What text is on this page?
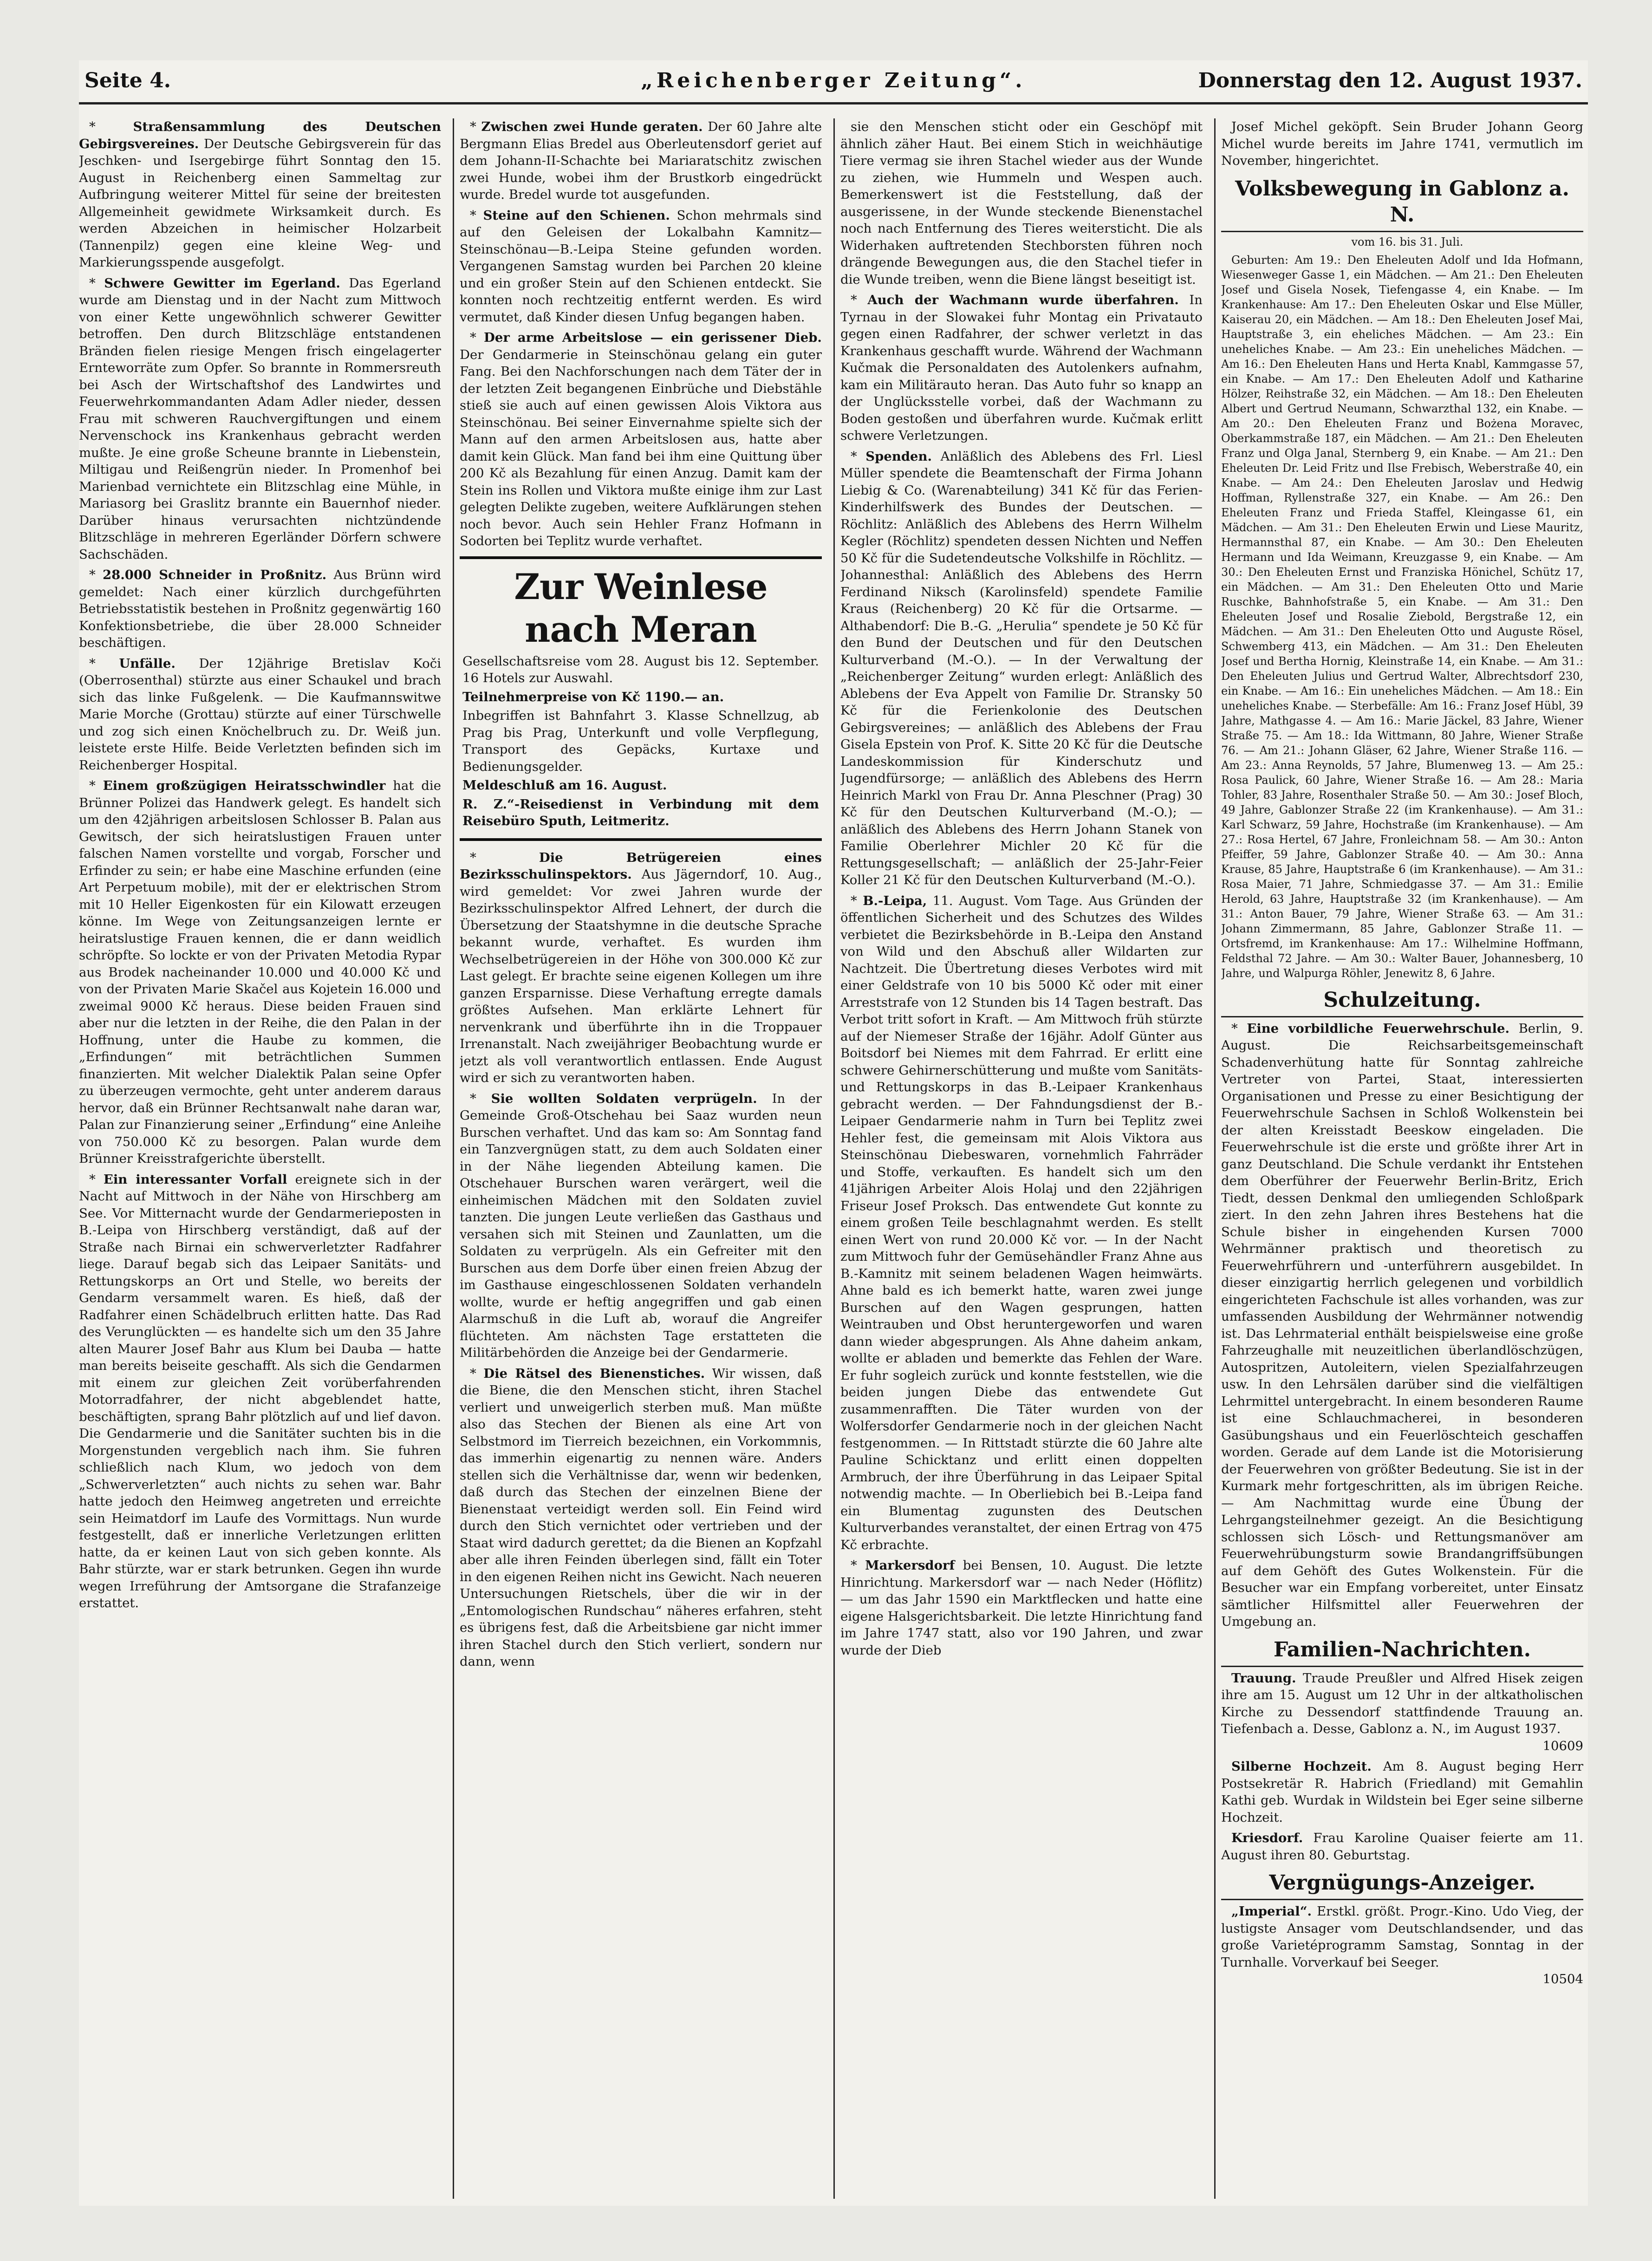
„Reichenberger Zeitung“.
Seite 4.	Donnerstag den 12. August 1937.

* Straßensammlung des Deutschen Gebirgsvereines. Der Deutsche Gebirgsverein für das Jeschken- und Isergebirge führt Sonntag den 15. August in Reichenberg einen Sammeltag zur Aufbringung weiterer Mittel für seine der breitesten Allgemeinheit gewidmete Wirksamkeit durch. Es werden Abzeichen in heimischer Holzarbeit (Tannenpilz) gegen eine kleine Weg- und Markierungsspende ausgefolgt.

* Schwere Gewitter im Egerland. Das Egerland wurde am Dienstag und in der Nacht zum Mittwoch von einer Kette ungewöhnlich schwerer Gewitter betroffen. Den durch Blitzschläge entstandenen Bränden fielen riesige Mengen frisch eingelagerter Ernteworräte zum Opfer. So brannte in Rommersreuth bei Asch der Wirtschaftshof des Landwirtes und Feuerwehrkommandanten Adam Adler nieder, dessen Frau mit schweren Rauchvergiftungen und einem Nervenschock ins Krankenhaus gebracht werden mußte. Je eine große Scheune brannte in Liebenstein, Miltigau und Reißengrün nieder. In Promenhof bei Marienbad vernichtete ein Blitzschlag eine Mühle, in Mariasorg bei Graslitz brannte ein Bauernhof nieder. Darüber hinaus verursachten nichtzündende Blitzschläge in mehreren Egerländer Dörfern schwere Sachschäden.

* 28.000 Schneider in Proßnitz. Aus Brünn wird gemeldet: Nach einer kürzlich durchgeführten Betriebsstatistik bestehen in Proßnitz gegenwärtig 160 Konfektionsbetriebe, die über 28.000 Schneider beschäftigen.

* Unfälle. Der 12jährige Bretislav Koči (Oberrosenthal) stürzte aus einer Schaukel und brach sich das linke Fußgelenk. — Die Kaufmannswitwe Marie Morche (Grottau) stürzte auf einer Türschwelle und zog sich einen Knöchelbruch zu. Dr. Weiß jun. leistete erste Hilfe. Beide Verletzten befinden sich im Reichenberger Hospital.

* Einem großzügigen Heiratsschwindler hat die Brünner Polizei das Handwerk gelegt. Es handelt sich um den 42jährigen arbeitslosen Schlosser B. Palan aus Gewitsch, der sich heiratslustigen Frauen unter falschen Namen vorstellte und vorgab, Forscher und Erfinder zu sein; er habe eine Maschine erfunden (eine Art Perpetuum mobile), mit der er elektrischen Strom mit 10 Heller Eigenkosten für ein Kilowatt erzeugen könne. Im Wege von Zeitungsanzeigen lernte er heiratslustige Frauen kennen, die er dann weidlich schröpfte. So lockte er von der Privaten Metodia Rypar aus Brodek nacheinander 10.000 und 40.000 Kč und von der Privaten Marie Skačel aus Kojetein 16.000 und zweimal 9000 Kč heraus. Diese beiden Frauen sind aber nur die letzten in der Reihe, die den Palan in der Hoffnung, unter die Haube zu kommen, die „Erfindungen“ mit beträchtlichen Summen finanzierten. Mit welcher Dialektik Palan seine Opfer zu überzeugen vermochte, geht unter anderem daraus hervor, daß ein Brünner Rechtsanwalt nahe daran war, Palan zur Finanzierung seiner „Erfindung“ eine Anleihe von 750.000 Kč zu besorgen. Palan wurde dem Brünner Kreisstrafgerichte überstellt.

* Ein interessanter Vorfall ereignete sich in der Nacht auf Mittwoch in der Nähe von Hirschberg am See. Vor Mitternacht wurde der Gendarmerieposten in B.-Leipa von Hirschberg verständigt, daß auf der Straße nach Birnai ein schwerverletzter Radfahrer liege. Darauf begab sich das Leipaer Sanitäts- und Rettungskorps an Ort und Stelle, wo bereits der Gendarm versammelt waren. Es hieß, daß der Radfahrer einen Schädelbruch erlitten hatte. Das Rad des Verunglückten — es handelte sich um den 35 Jahre alten Maurer Josef Bahr aus Klum bei Dauba — hatte man bereits beiseite geschafft. Als sich die Gendarmen mit einem zur gleichen Zeit vorüberfahrenden Motorradfahrer, der nicht abgeblendet hatte, beschäftigten, sprang Bahr plötzlich auf und lief davon. Die Gendarmerie und die Sanitäter suchten bis in die Morgenstunden vergeblich nach ihm. Sie fuhren schließlich nach Klum, wo jedoch von dem „Schwerverletzten“ auch nichts zu sehen war. Bahr hatte jedoch den Heimweg angetreten und erreichte sein Heimatdorf im Laufe des Vormittags. Nun wurde festgestellt, daß er innerliche Verletzungen erlitten hatte, da er keinen Laut von sich geben konnte. Als Bahr stürzte, war er stark betrunken. Gegen ihn wurde wegen Irreführung der Amtsorgane die Strafanzeige erstattet.

* Zwischen zwei Hunde geraten. Der 60 Jahre alte Bergmann Elias Bredel aus Oberleutensdorf geriet auf dem Johann-II-Schachte bei Mariaratschitz zwischen zwei Hunde, wobei ihm der Brustkorb eingedrückt wurde. Bredel wurde tot ausgefunden.

* Steine auf den Schienen. Schon mehrmals sind auf den Geleisen der Lokalbahn Kamnitz—Steinschönau—B.-Leipa Steine gefunden worden. Vergangenen Samstag wurden bei Parchen 20 kleine und ein großer Stein auf den Schienen entdeckt. Sie konnten noch rechtzeitig entfernt werden. Es wird vermutet, daß Kinder diesen Unfug begangen haben.

* Der arme Arbeitslose — ein gerissener Dieb. Der Gendarmerie in Steinschönau gelang ein guter Fang. Bei den Nachforschungen nach dem Täter der in der letzten Zeit begangenen Einbrüche und Diebstähle stieß sie auch auf einen gewissen Alois Viktora aus Steinschönau. Bei seiner Einvernahme spielte sich der Mann auf den armen Arbeitslosen aus, hatte aber damit kein Glück. Man fand bei ihm eine Quittung über 200 Kč als Bezahlung für einen Anzug. Damit kam der Stein ins Rollen und Viktora mußte einige ihm zur Last gelegten Delikte zugeben, weitere Aufklärungen stehen noch bevor. Auch sein Hehler Franz Hofmann in Sodorten bei Teplitz wurde verhaftet.

Zur Weinlese nach Meran

Gesellschaftsreise vom 28. August bis 12. September. 16 Hotels zur Auswahl.

Teilnehmerpreise von Kč 1190.— an.

Inbegriffen ist Bahnfahrt 3. Klasse Schnellzug, ab Prag bis Prag, Unterkunft und volle Verpflegung, Transport des Gepäcks, Kurtaxe und Bedienungsgelder.

Meldeschluß am 16. August.

R. Z.“-Reisedienst in Verbindung mit dem Reisebüro Sputh, Leitmeritz.

* Die Betrügereien eines Bezirksschulinspektors. Aus Jägerndorf, 10. Aug., wird gemeldet: Vor zwei Jahren wurde der Bezirksschulinspektor Alfred Lehnert, der durch die Übersetzung der Staatshymne in die deutsche Sprache bekannt wurde, verhaftet. Es wurden ihm Wechselbetrügereien in der Höhe von 300.000 Kč zur Last gelegt. Er brachte seine eigenen Kollegen um ihre ganzen Ersparnisse. Diese Verhaftung erregte damals größtes Aufsehen. Man erklärte Lehnert für nervenkrank und überführte ihn in die Troppauer Irrenanstalt. Nach zweijähriger Beobachtung wurde er jetzt als voll verantwortlich entlassen. Ende August wird er sich zu verantworten haben.

* Sie wollten Soldaten verprügeln. In der Gemeinde Groß-Otschehau bei Saaz wurden neun Burschen verhaftet. Und das kam so: Am Sonntag fand ein Tanzvergnügen statt, zu dem auch Soldaten einer in der Nähe liegenden Abteilung kamen. Die Otschehauer Burschen waren verärgert, weil die einheimischen Mädchen mit den Soldaten zuviel tanzten. Die jungen Leute verließen das Gasthaus und versahen sich mit Steinen und Zaunlatten, um die Soldaten zu verprügeln. Als ein Gefreiter mit den Burschen aus dem Dorfe über einen freien Abzug der im Gasthause eingeschlossenen Soldaten verhandeln wollte, wurde er heftig angegriffen und gab einen Alarmschuß in die Luft ab, worauf die Angreifer flüchteten. Am nächsten Tage erstatteten die Militärbehörden die Anzeige bei der Gendarmerie.

* Die Rätsel des Bienenstiches. Wir wissen, daß die Biene, die den Menschen sticht, ihren Stachel verliert und unweigerlich sterben muß. Man müßte also das Stechen der Bienen als eine Art von Selbstmord im Tierreich bezeichnen, ein Vorkommnis, das immerhin eigenartig zu nennen wäre. Anders stellen sich die Verhältnisse dar, wenn wir bedenken, daß durch das Stechen der einzelnen Biene der Bienenstaat verteidigt werden soll. Ein Feind wird durch den Stich vernichtet oder vertrieben und der Staat wird dadurch gerettet; da die Bienen an Kopfzahl aber alle ihren Feinden überlegen sind, fällt ein Toter in den eigenen Reihen nicht ins Gewicht. Nach neueren Untersuchungen Rietschels, über die wir in der „Entomologischen Rundschau“ näheres erfahren, steht es übrigens fest, daß die Arbeitsbiene gar nicht immer ihren Stachel durch den Stich verliert, sondern nur dann, wenn

sie den Menschen sticht oder ein Geschöpf mit ähnlich zäher Haut. Bei einem Stich in weichhäutige Tiere vermag sie ihren Stachel wieder aus der Wunde zu ziehen, wie Hummeln und Wespen auch. Bemerkenswert ist die Feststellung, daß der ausgerissene, in der Wunde steckende Bienenstachel noch nach Entfernung des Tieres weitersticht. Die als Widerhaken auftretenden Stechborsten führen noch drängende Bewegungen aus, die den Stachel tiefer in die Wunde treiben, wenn die Biene längst beseitigt ist.

* Auch der Wachmann wurde überfahren. In Tyrnau in der Slowakei fuhr Montag ein Privatauto gegen einen Radfahrer, der schwer verletzt in das Krankenhaus geschafft wurde. Während der Wachmann Kučmak die Personaldaten des Autolenkers aufnahm, kam ein Militärauto heran. Das Auto fuhr so knapp an der Unglücksstelle vorbei, daß der Wachmann zu Boden gestoßen und überfahren wurde. Kučmak erlitt schwere Verletzungen.

* Spenden. Anläßlich des Ablebens des Frl. Liesl Müller spendete die Beamtenschaft der Firma Johann Liebig & Co. (Warenabteilung) 341 Kč für das Ferien-Kinderhilfswerk des Bundes der Deutschen. — Röchlitz: Anläßlich des Ablebens des Herrn Wilhelm Kegler (Röchlitz) spendeten dessen Nichten und Neffen 50 Kč für die Sudetendeutsche Volkshilfe in Röchlitz. — Johannesthal: Anläßlich des Ablebens des Herrn Ferdinand Niksch (Karolinsfeld) spendete Familie Kraus (Reichenberg) 20 Kč für die Ortsarme. — Althabendorf: Die B.-G. „Herulia“ spendete je 50 Kč für den Bund der Deutschen und für den Deutschen Kulturverband (M.-O.). — In der Verwaltung der „Reichenberger Zeitung“ wurden erlegt: Anläßlich des Ablebens der Eva Appelt von Familie Dr. Stransky 50 Kč für die Ferienkolonie des Deutschen Gebirgsvereines; — anläßlich des Ablebens der Frau Gisela Epstein von Prof. K. Sitte 20 Kč für die Deutsche Landeskommission für Kinderschutz und Jugendfürsorge; — anläßlich des Ablebens des Herrn Heinrich Markl von Frau Dr. Anna Pleschner (Prag) 30 Kč für den Deutschen Kulturverband (M.-O.); — anläßlich des Ablebens des Herrn Johann Stanek von Familie Oberlehrer Michler 20 Kč für die Rettungsgesellschaft; — anläßlich der 25-Jahr-Feier Koller 21 Kč für den Deutschen Kulturverband (M.-O.).

* B.-Leipa, 11. August. Vom Tage. Aus Gründen der öffentlichen Sicherheit und des Schutzes des Wildes verbietet die Bezirksbehörde in B.-Leipa den Anstand von Wild und den Abschuß aller Wildarten zur Nachtzeit. Die Übertretung dieses Verbotes wird mit einer Geldstrafe von 10 bis 5000 Kč oder mit einer Arreststrafe von 12 Stunden bis 14 Tagen bestraft. Das Verbot tritt sofort in Kraft. — Am Mittwoch früh stürzte auf der Niemeser Straße der 16jähr. Adolf Günter aus Boitsdorf bei Niemes mit dem Fahrrad. Er erlitt eine schwere Gehirnerschütterung und mußte vom Sanitäts- und Rettungskorps in das B.-Leipaer Krankenhaus gebracht werden. — Der Fahndungsdienst der B.-Leipaer Gendarmerie nahm in Turn bei Teplitz zwei Hehler fest, die gemeinsam mit Alois Viktora aus Steinschönau Diebeswaren, vornehmlich Fahrräder und Stoffe, verkauften. Es handelt sich um den 41jährigen Arbeiter Alois Holaj und den 22jährigen Friseur Josef Proksch. Das entwendete Gut konnte zu einem großen Teile beschlagnahmt werden. Es stellt einen Wert von rund 20.000 Kč vor. — In der Nacht zum Mittwoch fuhr der Gemüsehändler Franz Ahne aus B.-Kamnitz mit seinem beladenen Wagen heimwärts. Ahne bald es ich bemerkt hatte, waren zwei junge Burschen auf den Wagen gesprungen, hatten Weintrauben und Obst heruntergeworfen und waren dann wieder abgesprungen. Als Ahne daheim ankam, wollte er abladen und bemerkte das Fehlen der Ware. Er fuhr sogleich zurück und konnte feststellen, wie die beiden jungen Diebe das entwendete Gut zusammenrafften. Die Täter wurden von der Wolfersdorfer Gendarmerie noch in der gleichen Nacht festgenommen. — In Rittstadt stürzte die 60 Jahre alte Pauline Schicktanz und erlitt einen doppelten Armbruch, der ihre Überführung in das Leipaer Spital notwendig machte. — In Oberliebich bei B.-Leipa fand ein Blumentag zugunsten des Deutschen Kulturverbandes veranstaltet, der einen Ertrag von 475 Kč erbrachte.

* Markersdorf bei Bensen, 10. August. Die letzte Hinrichtung. Markersdorf war — nach Neder (Höflitz) — um das Jahr 1590 ein Marktflecken und hatte eine eigene Halsgerichtsbarkeit. Die letzte Hinrichtung fand im Jahre 1747 statt, also vor 190 Jahren, und zwar wurde der Dieb

Josef Michel geköpft. Sein Bruder Johann Georg Michel wurde bereits im Jahre 1741, vermutlich im November, hingerichtet.

Volksbewegung in Gablonz a. N.

vom 16. bis 31. Juli.

Geburten: Am 19.: Den Eheleuten Adolf und Ida Hofmann, Wiesenweger Gasse 1, ein Mädchen. — Am 21.: Den Eheleuten Josef und Gisela Nosek, Tiefengasse 4, ein Knabe. — Im Krankenhause: Am 17.: Den Eheleuten Oskar und Else Müller, Kaiserau 20, ein Mädchen. — Am 18.: Den Eheleuten Josef Mai, Hauptstraße 3, ein eheliches Mädchen. — Am 23.: Ein uneheliches Knabe. — Am 23.: Ein uneheliches Mädchen. — Am 16.: Den Eheleuten Hans und Herta Knabl, Kammgasse 57, ein Knabe. — Am 17.: Den Eheleuten Adolf und Katharine Hölzer, Reihstraße 32, ein Mädchen. — Am 18.: Den Eheleuten Albert und Gertrud Neumann, Schwarzthal 132, ein Knabe. — Am 20.: Den Eheleuten Franz und Bożena Moravec, Oberkammstraße 187, ein Mädchen. — Am 21.: Den Eheleuten Franz und Olga Janal, Sternberg 9, ein Knabe. — Am 21.: Den Eheleuten Dr. Leid Fritz und Ilse Frebisch, Weberstraße 40, ein Knabe. — Am 24.: Den Eheleuten Jaroslav und Hedwig Hoffman, Ryllenstraße 327, ein Knabe. — Am 26.: Den Eheleuten Franz und Frieda Staffel, Kleingasse 61, ein Mädchen. — Am 31.: Den Eheleuten Erwin und Liese Mauritz, Hermannsthal 87, ein Knabe. — Am 30.: Den Eheleuten Hermann und Ida Weimann, Kreuzgasse 9, ein Knabe. — Am 30.: Den Eheleuten Ernst und Franziska Hönichel, Schütz 17, ein Mädchen. — Am 31.: Den Eheleuten Otto und Marie Ruschke, Bahnhofstraße 5, ein Knabe. — Am 31.: Den Eheleuten Josef und Rosalie Ziebold, Bergstraße 12, ein Mädchen. — Am 31.: Den Eheleuten Otto und Auguste Rösel, Schwemberg 413, ein Mädchen. — Am 31.: Den Eheleuten Josef und Bertha Hornig, Kleinstraße 14, ein Knabe. — Am 31.: Den Eheleuten Julius und Gertrud Walter, Albrechtsdorf 230, ein Knabe. — Am 16.: Ein uneheliches Mädchen. — Am 18.: Ein uneheliches Knabe. — Sterbefälle: Am 16.: Franz Josef Hübl, 39 Jahre, Mathgasse 4. — Am 16.: Marie Jäckel, 83 Jahre, Wiener Straße 75. — Am 18.: Ida Wittmann, 80 Jahre, Wiener Straße 76. — Am 21.: Johann Gläser, 62 Jahre, Wiener Straße 116. — Am 23.: Anna Reynolds, 57 Jahre, Blumenweg 13. — Am 25.: Rosa Paulick, 60 Jahre, Wiener Straße 16. — Am 28.: Maria Tohler, 83 Jahre, Rosenthaler Straße 50. — Am 30.: Josef Bloch, 49 Jahre, Gablonzer Straße 22 (im Krankenhause). — Am 31.: Karl Schwarz, 59 Jahre, Hochstraße (im Krankenhause). — Am 27.: Rosa Hertel, 67 Jahre, Fronleichnam 58. — Am 30.: Anton Pfeiffer, 59 Jahre, Gablonzer Straße 40. — Am 30.: Anna Krause, 85 Jahre, Hauptstraße 6 (im Krankenhause). — Am 31.: Rosa Maier, 71 Jahre, Schmiedgasse 37. — Am 31.: Emilie Herold, 63 Jahre, Hauptstraße 32 (im Krankenhause). — Am 31.: Anton Bauer, 79 Jahre, Wiener Straße 63. — Am 31.: Johann Zimmermann, 85 Jahre, Gablonzer Straße 11. — Ortsfremd, im Krankenhause: Am 17.: Wilhelmine Hoffmann, Feldsthal 72 Jahre. — Am 30.: Walter Bauer, Johannesberg, 10 Jahre, und Walpurga Röhler, Jenewitz 8, 6 Jahre.

Schulzeitung.

* Eine vorbildliche Feuerwehrschule. Berlin, 9. August. Die Reichsarbeitsgemeinschaft Schadenverhütung hatte für Sonntag zahlreiche Vertreter von Partei, Staat, interessierten Organisationen und Presse zu einer Besichtigung der Feuerwehrschule Sachsen in Schloß Wolkenstein bei der alten Kreisstadt Beeskow eingeladen. Die Feuerwehrschule ist die erste und größte ihrer Art in ganz Deutschland. Die Schule verdankt ihr Entstehen dem Oberführer der Feuerwehr Berlin-Britz, Erich Tiedt, dessen Denkmal den umliegenden Schloßpark ziert. In den zehn Jahren ihres Bestehens hat die Schule bisher in eingehenden Kursen 7000 Wehrmänner praktisch und theoretisch zu Feuerwehrführern und -unterführern ausgebildet. In dieser einzigartig herrlich gelegenen und vorbildlich eingerichteten Fachschule ist alles vorhanden, was zur umfassenden Ausbildung der Wehrmänner notwendig ist. Das Lehrmaterial enthält beispielsweise eine große Fahrzeughalle mit neuzeitlichen überlandlöschzügen, Autospritzen, Autoleitern, vielen Spezialfahrzeugen usw. In den Lehrsälen darüber sind die vielfältigen Lehrmittel untergebracht. In einem besonderen Raume ist eine Schlauchmacherei, in besonderen Gasübungshaus und ein Feuerlöschteich geschaffen worden. Gerade auf dem Lande ist die Motorisierung der Feuerwehren von größter Bedeutung. Sie ist in der Kurmark mehr fortgeschritten, als im übrigen Reiche. — Am Nachmittag wurde eine Übung der Lehrgangsteilnehmer gezeigt. An die Besichtigung schlossen sich Lösch- und Rettungsmanöver am Feuerwehrübungsturm sowie Brandangriffsübungen auf dem Gehöft des Gutes Wolkenstein. Für die Besucher war ein Empfang vorbereitet, unter Einsatz sämtlicher Hilfsmittel aller Feuerwehren der Umgebung an.

Familien-Nachrichten.

Trauung. Traude Preußler und Alfred Hisek zeigen ihre am 15. August um 12 Uhr in der altkatholischen Kirche zu Dessendorf stattfindende Trauung an. Tiefenbach a. Desse, Gablonz a. N., im August 1937.
10609

Silberne Hochzeit. Am 8. August beging Herr Postsekretär R. Habrich (Friedland) mit Gemahlin Kathi geb. Wurdak in Wildstein bei Eger seine silberne Hochzeit.

Kriesdorf. Frau Karoline Quaiser feierte am 11. August ihren 80. Geburtstag.

Vergnügungs-Anzeiger.

„Imperial“. Erstkl. größt. Progr.-Kino. Udo Vieg, der lustigste Ansager vom Deutschlandsender, und das große Varietéprogramm Samstag, Sonntag in der Turnhalle. Vorverkauf bei Seeger.
10504
